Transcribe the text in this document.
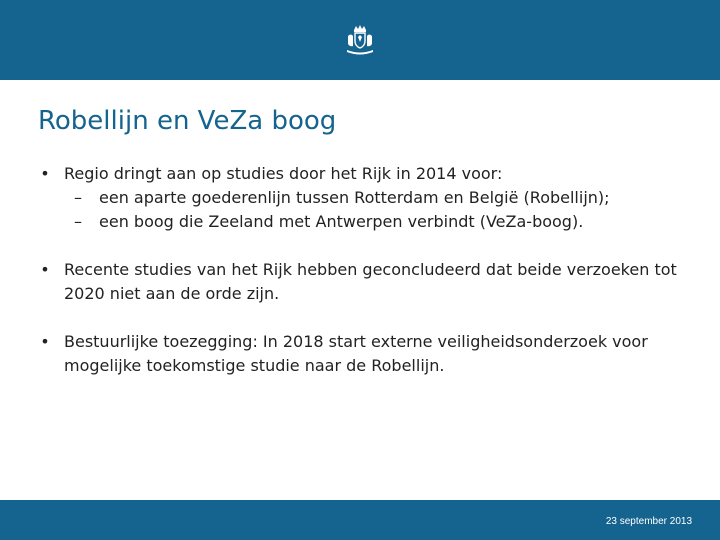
Robellijn en VeZa boog
• Regio dringt aan op studies door het Rijk in 2014 voor:
–	een aparte goederenlijn tussen Rotterdam en België (Robellijn);
–	een boog die Zeeland met Antwerpen verbindt (VeZa-boog).
• Recente studies van het Rijk hebben geconcludeerd dat beide verzoeken tot 2020 niet aan de orde zijn.
• Bestuurlijke toezegging: In 2018 start externe veiligheidsonderzoek voor mogelijke toekomstige studie naar de Robellijn.
23 september 2013
